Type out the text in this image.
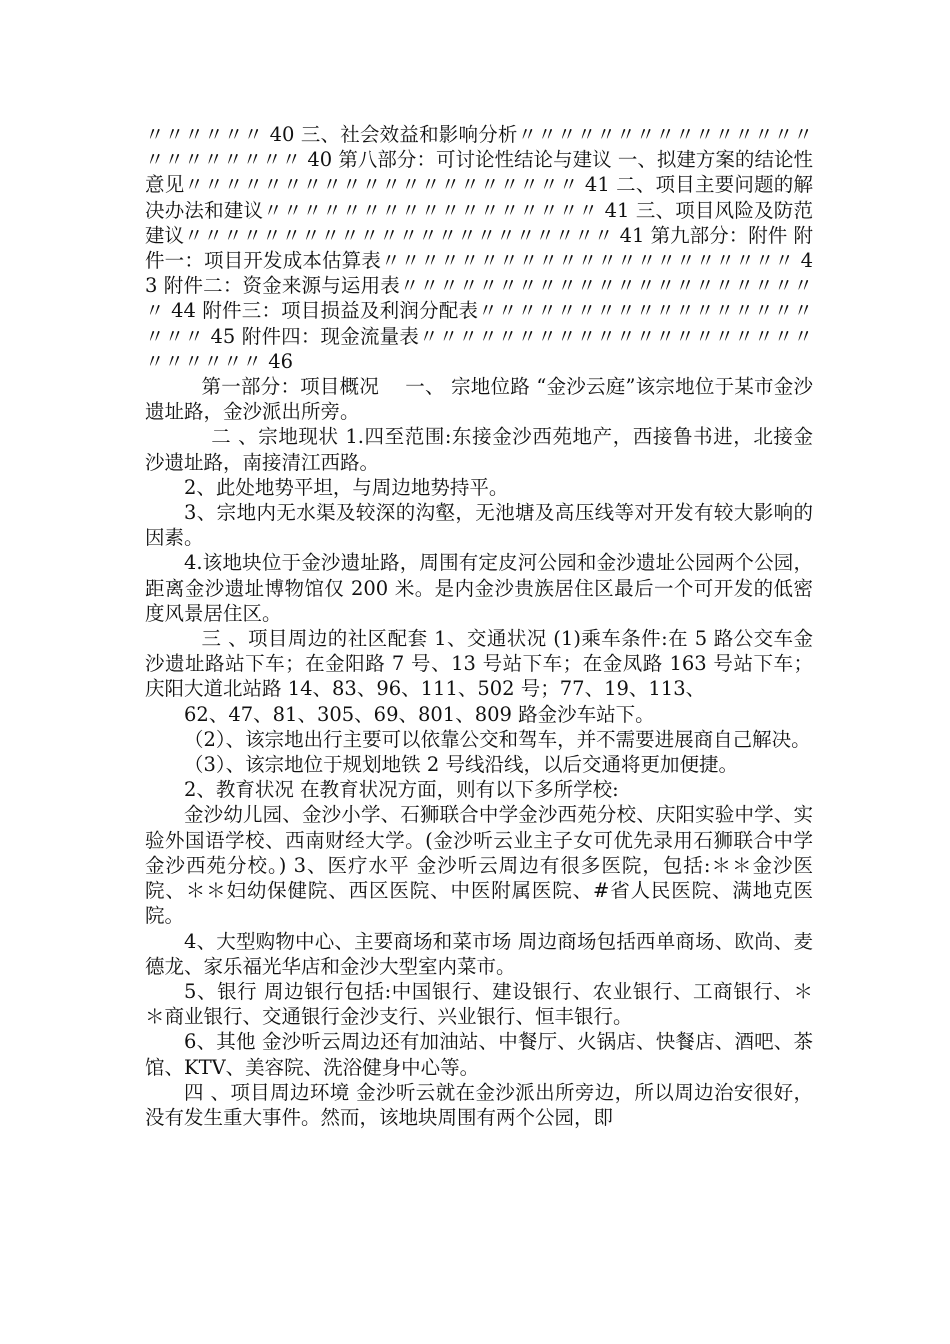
〃〃〃〃〃〃 40 三、社会效益和影响分析〃〃〃〃〃〃〃〃〃〃〃〃〃〃〃〃〃〃〃〃〃〃〃 40 第八部分：可讨论性结论与建议 一、拟建方案的结论性意见〃〃〃〃〃〃〃〃〃〃〃〃〃〃〃〃〃〃〃〃 41 二、项目主要问题的解决办法和建议〃〃〃〃〃〃〃〃〃〃〃〃〃〃〃〃〃 41 三、项目风险及防范建议〃〃〃〃〃〃〃〃〃〃〃〃〃〃〃〃〃〃〃〃〃〃 41 第九部分：附件 附件一：项目开发成本估算表〃〃〃〃〃〃〃〃〃〃〃〃〃〃〃〃〃〃〃〃〃 43 附件二：资金来源与运用表〃〃〃〃〃〃〃〃〃〃〃〃〃〃〃〃〃〃〃〃〃〃 44 附件三：项目损益及利润分配表〃〃〃〃〃〃〃〃〃〃〃〃〃〃〃〃〃〃〃〃 45 附件四：现金流量表〃〃〃〃〃〃〃〃〃〃〃〃〃〃〃〃〃〃〃〃〃〃〃〃〃〃 46

第一部分：项目概况　 一、 宗地位路 “金沙云庭”该宗地位于某市金沙遗址路，金沙派出所旁。

二 、宗地现状 1.四至范围:东接金沙西苑地产，西接鲁书进，北接金沙遗址路，南接清江西路。

2、此处地势平坦，与周边地势持平。

3、宗地内无水渠及较深的沟壑，无池塘及高压线等对开发有较大影响的因素。

4.该地块位于金沙遗址路，周围有定皮河公园和金沙遗址公园两个公园，距离金沙遗址博物馆仅 200 米。是内金沙贵族居住区最后一个可开发的低密度风景居住区。

三 、项目周边的社区配套 1、交通状况 (1)乘车条件:在 5 路公交车金沙遗址路站下车；在金阳路 7 号、13 号站下车；在金凤路 163 号站下车；庆阳大道北站路 14、83、96、111、502 号；77、19、113、

62、47、81、305、69、801、809 路金沙车站下。

（2）、该宗地出行主要可以依靠公交和驾车，并不需要进展商自己解决。

（3）、该宗地位于规划地铁 2 号线沿线，以后交通将更加便捷。

2、教育状况 在教育状况方面，则有以下多所学校:

金沙幼儿园、金沙小学、石狮联合中学金沙西苑分校、庆阳实验中学、实验外国语学校、西南财经大学。(金沙听云业主子女可优先录用石狮联合中学金沙西苑分校。) 3、医疗水平 金沙听云周边有很多医院，包括:＊＊金沙医院、＊＊妇幼保健院、西区医院、中医附属医院、#省人民医院、满地克医院。

4、大型购物中心、主要商场和菜市场 周边商场包括西单商场、欧尚、麦德龙、家乐福光华店和金沙大型室内菜市。

5、银行 周边银行包括:中国银行、建设银行、农业银行、工商银行、＊＊商业银行、交通银行金沙支行、兴业银行、恒丰银行。

6、其他 金沙听云周边还有加油站、中餐厅、火锅店、快餐店、酒吧、茶馆、KTV、美容院、洗浴健身中心等。

四 、项目周边环境 金沙听云就在金沙派出所旁边，所以周边治安很好，没有发生重大事件。然而，该地块周围有两个公园，即
